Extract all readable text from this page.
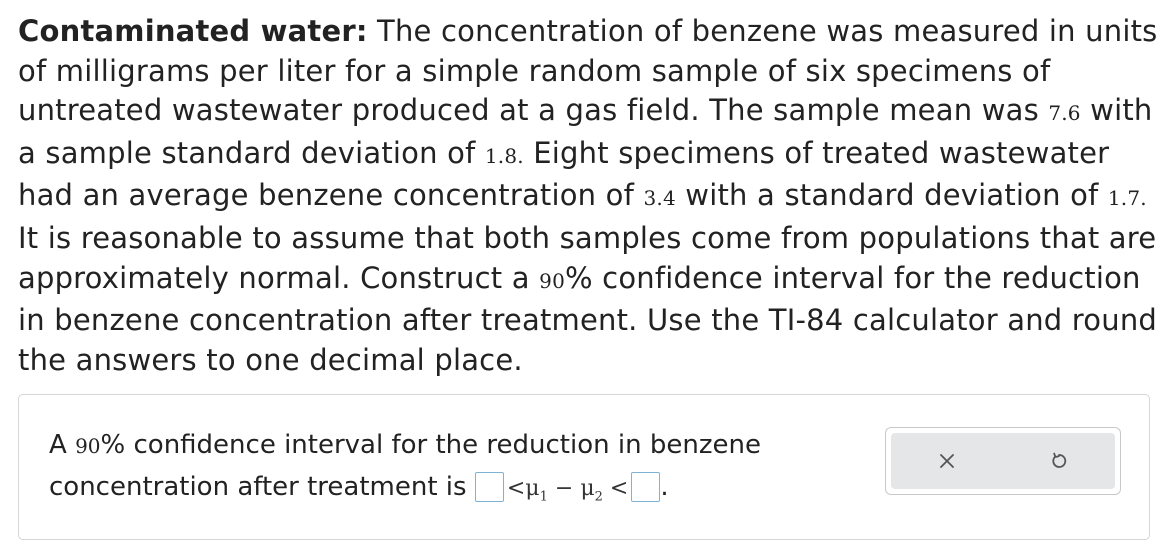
Contaminated water: The concentration of benzene was measured in units of milligrams per liter for a simple random sample of six specimens of untreated wastewater produced at a gas field. The sample mean was 7.6 with a sample standard deviation of 1.8. Eight specimens of treated wastewater had an average benzene concentration of 3.4 with a standard deviation of 1.7. It is reasonable to assume that both samples come from populations that are approximately normal. Construct a 90% confidence interval for the reduction in benzene concentration after treatment. Use the TI-84 calculator and round the answers to one decimal place.

A 90% confidence interval for the reduction in benzene concentration after treatment is $<\mu_1 - \mu_2$ < .
